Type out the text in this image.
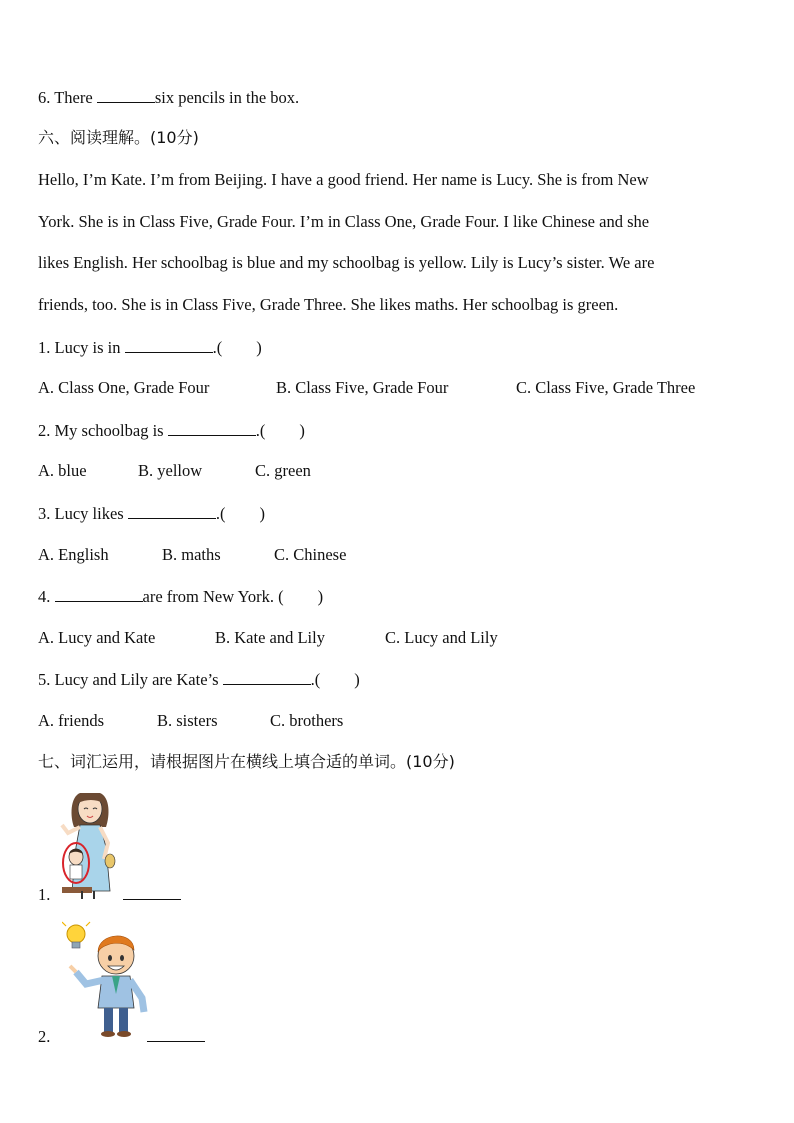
6. There	six pencils in the box.
六、阅读理解。(10分)
Hello, I’m Kate. I’m from Beijing. I have a good friend. Her name is Lucy. She is from New
York. She is in Class Five, Grade Four. I’m in Class One, Grade Four. I like Chinese and she
likes English. Her schoolbag is blue and my schoolbag is yellow. Lily is Lucy’s sister. We are
friends, too. She is in Class Five, Grade Three. She likes maths. Her schoolbag is green.
1. Lucy is in	.( )
A. Class One, Grade Four	B. Class Five, Grade Four	C. Class Five, Grade Three
2. My schoolbag is	.( )
A. blue	B. yellow	C. green
3. Lucy likes	.( )
A. English	B. maths	C. Chinese
4.	are from New York. ( )
A. Lucy and Kate	B. Kate and Lily	C. Lucy and Lily
5. Lucy and Lily are Kate’s	.( )
A. friends	B. sisters	C. brothers
七、词汇运用，请根据图片在横线上填合适的单词。(10分)
1.
2.
